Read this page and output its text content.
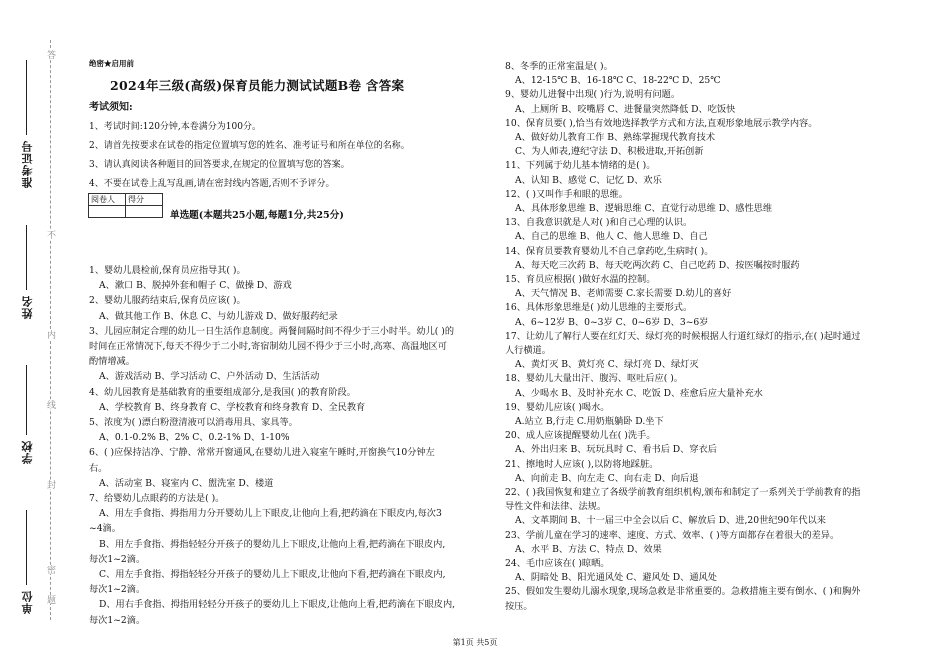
答
不
内
线
封
密
题
准考证号
姓名
学校
单位
绝密★启用前
2024年三级(高级)保育员能力测试试题B卷 含答案
考试须知:
1、考试时间:120分钟,本卷满分为100分。
2、请首先按要求在试卷的指定位置填写您的姓名、准考证号和所在单位的名称。
3、请认真阅读各种题目的回答要求,在规定的位置填写您的答案。
4、不要在试卷上乱写乱画,请在密封线内答题,否则不予评分。
阅卷人	得分

单选题(本题共25小题,每题1分,共25分)
1、婴幼儿晨检前,保育员应指导其( )。
A、漱口 B、脱掉外套和帽子 C、做操 D、游戏
2、婴幼儿服药结束后,保育员应该( )。
A、做其他工作 B、休息 C、与幼儿游戏 D、做好服药纪录
3、儿园应制定合理的幼儿一日生活作息制度。两餐间隔时间不得少于三小时半。幼儿( )的
时间在正常情况下,每天不得少于二小时,寄宿制幼儿园不得少于三小时,高寒、高温地区可
酌情增减。
A、游戏活动 B、学习活动 C、户外活动 D、生活活动
4、幼儿园教育是基础教育的重要组成部分,是我国( )的教育阶段。
A、学校教育 B、终身教育 C、学校教育和终身教育 D、全民教育
5、浓度为( )漂白粉澄清液可以消毒用具、家具等。
A、0.1-0.2% B、2% C、0.2-1% D、1-10%
6、( )应保持洁净、宁静、常常开窗通风,在婴幼儿进入寝室午睡时,开窗换气10分钟左
右。
A、活动室 B、寝室内 C、盥洗室 D、楼道
7、给婴幼儿点眼药的方法是( )。
A、用左手食指、拇指用力分开婴幼儿上下眼皮,让他向上看,把药滴在下眼皮内,每次3
~4滴。
B、用左手食指、拇指轻轻分开孩子的婴幼儿上下眼皮,让他向上看,把药滴在下眼皮内,
每次1~2滴。
C、用左手食指、拇指轻轻分开孩子的婴幼儿上下眼皮,让他向下看,把药滴在下眼皮内,
每次1~2滴。
D、用右手食指、拇指用轻轻分开孩子的要幼儿上下眼皮,让他向上看,把药滴在下眼皮内,
每次1~2滴。
8、冬季的正常室温是( )。
A、12-15℃ B、16-18℃ C、18-22℃ D、25℃
9、婴幼儿进餐中出现( )行为,说明有问题。
A、上厕所 B、咬嘴唇 C、进餐量突然降低 D、吃饭快
10、保育员要( ),恰当有效地选择教学方式和方法,直观形象地展示教学内容。
A、做好幼儿教育工作 B、熟练掌握现代教育技术
C、为人师表,遵纪守法 D、积极进取,开拓创新
11、下列属于幼儿基本情绪的是( )。
A、认知 B、感觉 C、记忆 D、欢乐
12、( )又叫作手和眼的思维。
A、具体形象思维 B、逻辑思维 C、直觉行动思维 D、感性思维
13、自我意识就是人对( )和自己心理的认识。
A、自己的思维 B、他人 C、他人思维 D、自己
14、保育员要教育婴幼儿不自己拿药吃,生病时( )。
A、每天吃三次药 B、每天吃两次药 C、自己吃药 D、按医嘱按时服药
15、育员应根据( )做好水温的控制。
A、天气情况 B、老师需要 C.家长需要 D.幼儿的喜好
16、具体形象思维是( )幼儿思维的主要形式。
A、6~12岁 B、0~3岁 C、0~6岁 D、3~6岁
17、让幼儿了解行人要在红灯天、绿灯亮的时候根据人行道红绿灯的指示,在( )起时通过
人行横道。
A、黄灯灭 B、黄灯亮 C、绿灯亮 D、绿灯灭
18、婴幼儿大量出汗、腹泻、呕吐后应( )。
A、少喝水 B、及时补充水 C、吃饭 D、痊愈后应大量补充水
19、婴幼儿应该( )喝水。
A.站立 B,行走 C.用奶瓶躺卧 D.坐下
20、成人应该提醒婴幼儿在( )洗手。
A、外出归来 B、玩玩具时 C、看书后 D、穿衣后
21、擦地时人应该( ),以防将地踩脏。
A、向前走 B、向左走 C、向右走 D、向后退
22、( )我国恢复和建立了各级学前教育组织机构,颁布和制定了一系列关于学前教育的指
导性文件和法律、法规。
A、文革期间 B、十一届三中全会以后 C、解放后 D、进,20世纪90年代以来
23、学前儿童在学习的速率、速度、方式、效率、( )等方面都存在着很大的差异。
A、水平 B、方法 C、特点 D、效果
24、毛巾应该在( )晾晒。
A、阴暗处 B、阳光通风处 C、避风处 D、通风处
25、假如发生婴幼儿溺水现象,现场急救是非常重要的。急救措施主要有倒水、( )和胸外
按压。
第1页 共5页
